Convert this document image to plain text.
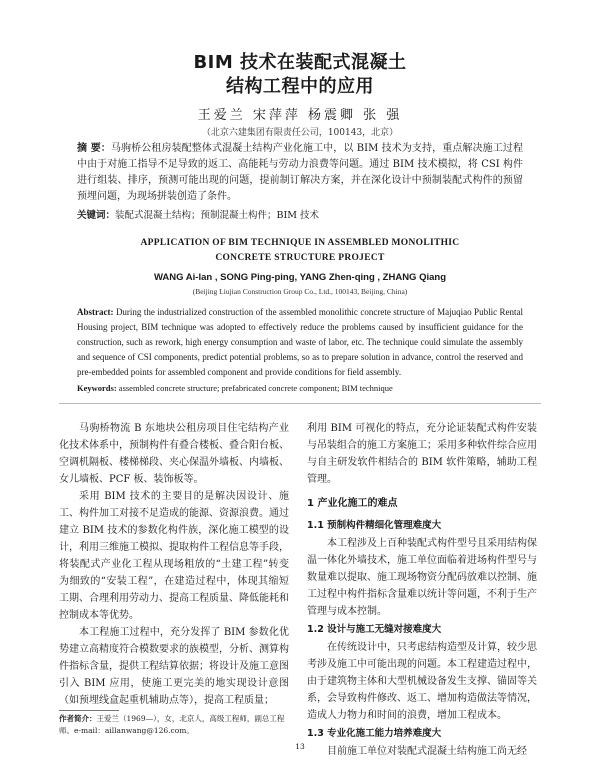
BIM 技术在装配式混凝土
结构工程中的应用
王爱兰 宋萍萍 杨震卿 张 强
（北京六建集团有限责任公司，100143，北京）
摘 要：马驹桥公租房装配整体式混凝土结构产业化施工中，以 BIM 技术为支持，重点解决施工过程中由于对施工指导不足导致的返工、高能耗与劳动力浪费等问题。通过 BIM 技术模拟，将 CSI 构件进行组装、排序，预测可能出现的问题，提前制订解决方案，并在深化设计中预制装配式构件的预留预埋问题，为现场拼装创造了条件。
关键词：装配式混凝土结构；预制混凝土构件；BIM 技术
APPLICATION OF BIM TECHNIQUE IN ASSEMBLED MONOLITHIC
CONCRETE STRUCTURE PROJECT
WANG Ai-lan , SONG Ping-ping, YANG Zhen-qing , ZHANG Qiang
(Beijing Liujian Construction Group Co., Ltd., 100143, Beijing, China)
Abstract: During the industrialized construction of the assembled monolithic concrete structure of Majuqiao Public Rental Housing project, BIM technique was adopted to effectively reduce the problems caused by insufficient guidance for the construction, such as rework, high energy consumption and waste of labor, etc. The technique could simulate the assembly and sequence of CSI components, predict potential problems, so as to prepare solution in advance, control the reserved and pre-embedded points for assembled component and provide conditions for field assembly.
Keywords: assembled concrete structure; prefabricated concrete component; BIM technique

马驹桥物流 B 东地块公租房项目住宅结构产业化技术体系中，预制构件有叠合楼板、叠合阳台板、空调机隔板、楼梯梯段、夹心保温外墙板、内墙板、女儿墙板、PCF 板、装饰板等。

采用 BIM 技术的主要目的是解决因设计、施工、构件加工对接不足造成的能源、资源浪费。通过建立 BIM 技术的参数化构件族，深化施工模型的设计，利用三维施工模拟、提取构件工程信息等手段，将装配式产业化工程从现场粗放的“土建工程”转变为细致的“安装工程”，在建造过程中，体现其缩短工期、合理利用劳动力、提高工程质量、降低能耗和控制成本等优势。

本工程施工过程中，充分发挥了 BIM 参数化优势建立高精度符合模数要求的族模型，分析、测算构件指标含量，提供工程结算依据；将设计及施工意图引入 BIM 应用，使施工更完美的地实现设计意图（如预埋线盒起重机辅助点等），提高工程质量；

利用 BIM 可视化的特点，充分论证装配式构件安装与吊装组合的施工方案施工；采用多种软件综合应用与自主研发软件相结合的 BIM 软件策略，辅助工程管理。

1 产业化施工的难点
1.1 预制构件精细化管理难度大

本工程涉及上百种装配式构件型号且采用结构保温一体化外墙技术，施工单位面临着进场构件型号与数量难以提取、施工现场物资分配码放难以控制、施工过程中构件指标含量难以统计等问题，不利于生产管理与成本控制。

1.2 设计与施工无缝对接难度大

在传统设计中，只考虑结构造型及计算，较少思考涉及施工中可能出现的问题。本工程建造过程中，由于建筑物主体和大型机械设备发生支撑、锚固等关系，会导致构件修改、返工、增加构造做法等情况，造成人力物力和时间的浪费，增加工程成本。

1.3 专业化施工能力培养难度大

目前施工单位对装配式混凝土结构施工尚无经

作者简介：王爱兰（1969—），女，北京人，高级工程师，副总工程师。e-mail：aillanwang@126.com。
13
